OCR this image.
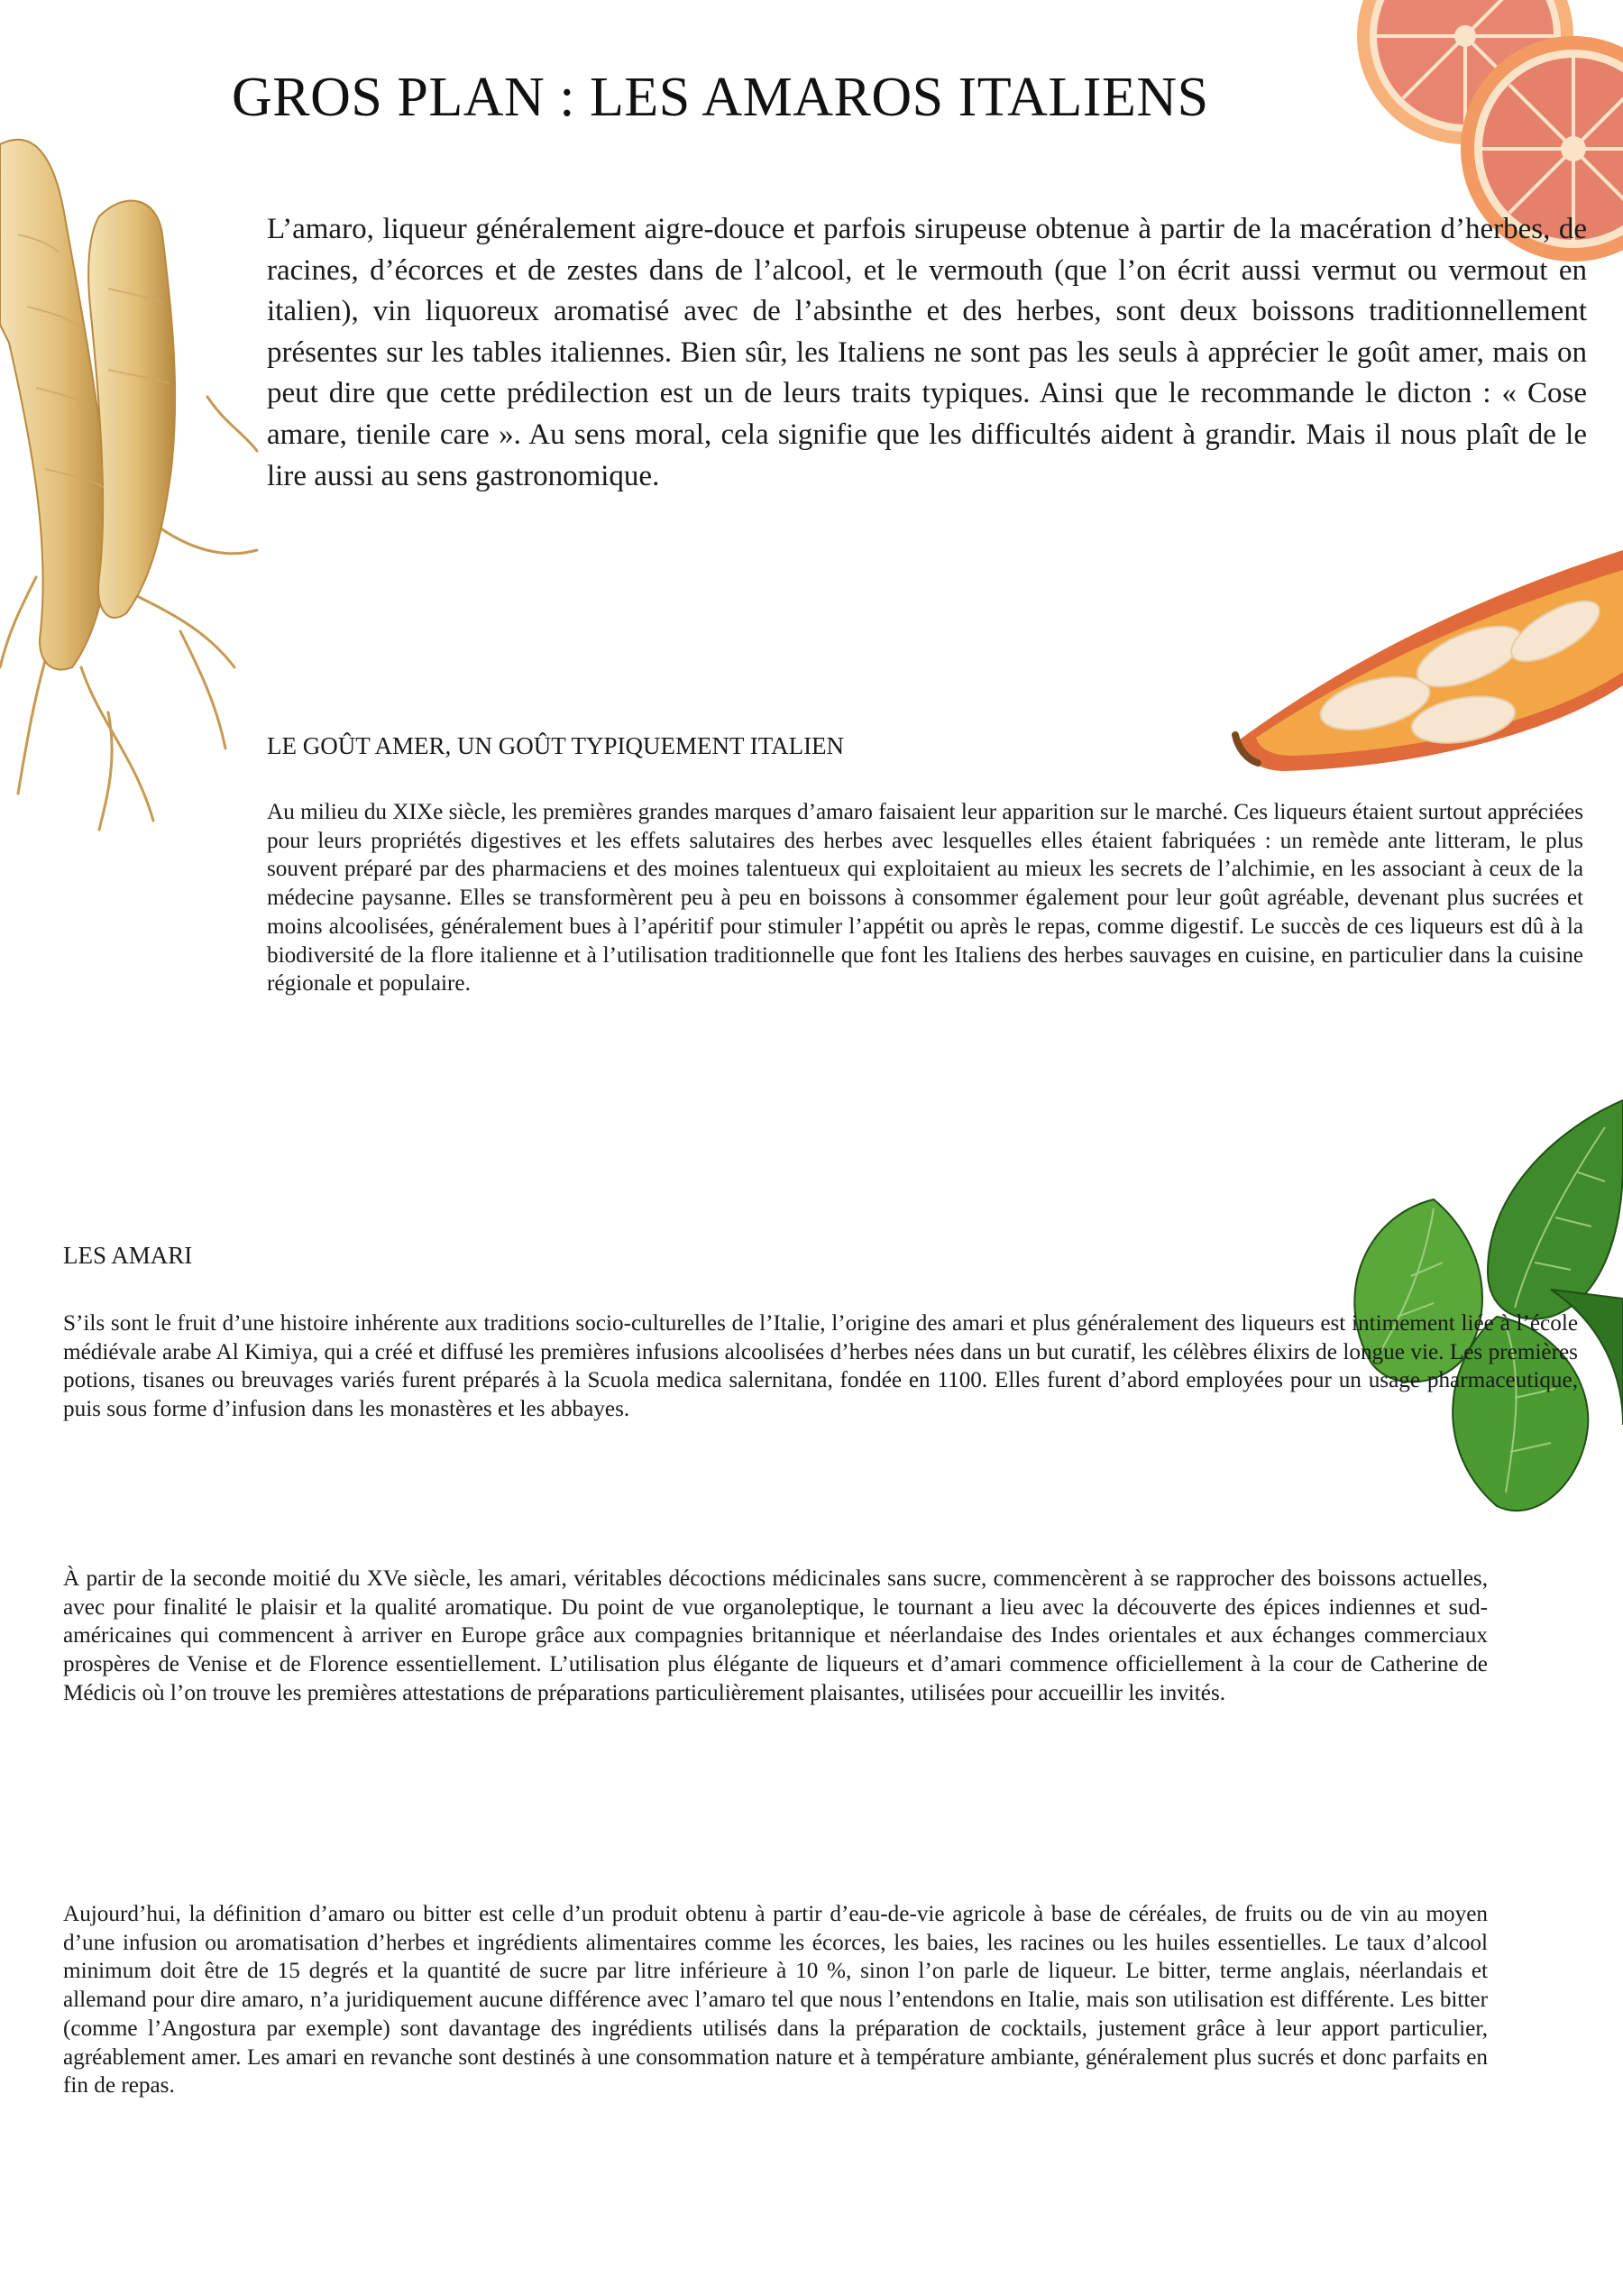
GROS PLAN : LES AMAROS ITALIENS

L’amaro, liqueur généralement aigre-douce et parfois sirupeuse obtenue à partir de la macération d’herbes, de racines, d’écorces et de zestes dans de l’alcool, et le vermouth (que l’on écrit aussi vermut ou vermout en italien), vin liquoreux aromatisé avec de l’absinthe et des herbes, sont deux boissons traditionnellement présentes sur les tables italiennes. Bien sûr, les Italiens ne sont pas les seuls à apprécier le goût amer, mais on peut dire que cette prédilection est un de leurs traits typiques. Ainsi que le recommande le dicton : « Cose amare, tienile care ». Au sens moral, cela signifie que les difficultés aident à grandir. Mais il nous plaît de le lire aussi au sens gastronomique.

LE GOÛT AMER, UN GOÛT TYPIQUEMENT ITALIEN

Au milieu du XIXe siècle, les premières grandes marques d’amaro faisaient leur apparition sur le marché. Ces liqueurs étaient surtout appréciées pour leurs propriétés digestives et les effets salutaires des herbes avec lesquelles elles étaient fabriquées : un remède ante litteram, le plus souvent préparé par des pharmaciens et des moines talentueux qui exploitaient au mieux les secrets de l’alchimie, en les associant à ceux de la médecine paysanne. Elles se transformèrent peu à peu en boissons à consommer également pour leur goût agréable, devenant plus sucrées et moins alcoolisées, généralement bues à l’apéritif pour stimuler l’appétit ou après le repas, comme digestif. Le succès de ces liqueurs est dû à la biodiversité de la flore italienne et à l’utilisation traditionnelle que font les Italiens des herbes sauvages en cuisine, en particulier dans la cuisine régionale et populaire.

LES AMARI

S’ils sont le fruit d’une histoire inhérente aux traditions socio-culturelles de l’Italie, l’origine des amari et plus généralement des liqueurs est intimement liée à l’école médiévale arabe Al Kimiya, qui a créé et diffusé les premières infusions alcoolisées d’herbes nées dans un but curatif, les célèbres élixirs de longue vie. Les premières potions, tisanes ou breuvages variés furent préparés à la Scuola medica salernitana, fondée en 1100. Elles furent d’abord employées pour un usage pharmaceutique, puis sous forme d’infusion dans les monastères et les abbayes.

À partir de la seconde moitié du XVe siècle, les amari, véritables décoctions médicinales sans sucre, commencèrent à se rapprocher des boissons actuelles, avec pour finalité le plaisir et la qualité aromatique. Du point de vue organoleptique, le tournant a lieu avec la découverte des épices indiennes et sud-américaines qui commencent à arriver en Europe grâce aux compagnies britannique et néerlandaise des Indes orientales et aux échanges commerciaux prospères de Venise et de Florence essentiellement. L’utilisation plus élégante de liqueurs et d’amari commence officiellement à la cour de Catherine de Médicis où l’on trouve les premières attestations de préparations particulièrement plaisantes, utilisées pour accueillir les invités.

Aujourd’hui, la définition d’amaro ou bitter est celle d’un produit obtenu à partir d’eau-de-vie agricole à base de céréales, de fruits ou de vin au moyen d’une infusion ou aromatisation d’herbes et ingrédients alimentaires comme les écorces, les baies, les racines ou les huiles essentielles. Le taux d’alcool minimum doit être de 15 degrés et la quantité de sucre par litre inférieure à 10 %, sinon l’on parle de liqueur. Le bitter, terme anglais, néerlandais et allemand pour dire amaro, n’a juridiquement aucune différence avec l’amaro tel que nous l’entendons en Italie, mais son utilisation est différente. Les bitter (comme l’Angostura par exemple) sont davantage des ingrédients utilisés dans la préparation de cocktails, justement grâce à leur apport particulier, agréablement amer. Les amari en revanche sont destinés à une consommation nature et à température ambiante, généralement plus sucrés et donc parfaits en fin de repas.
